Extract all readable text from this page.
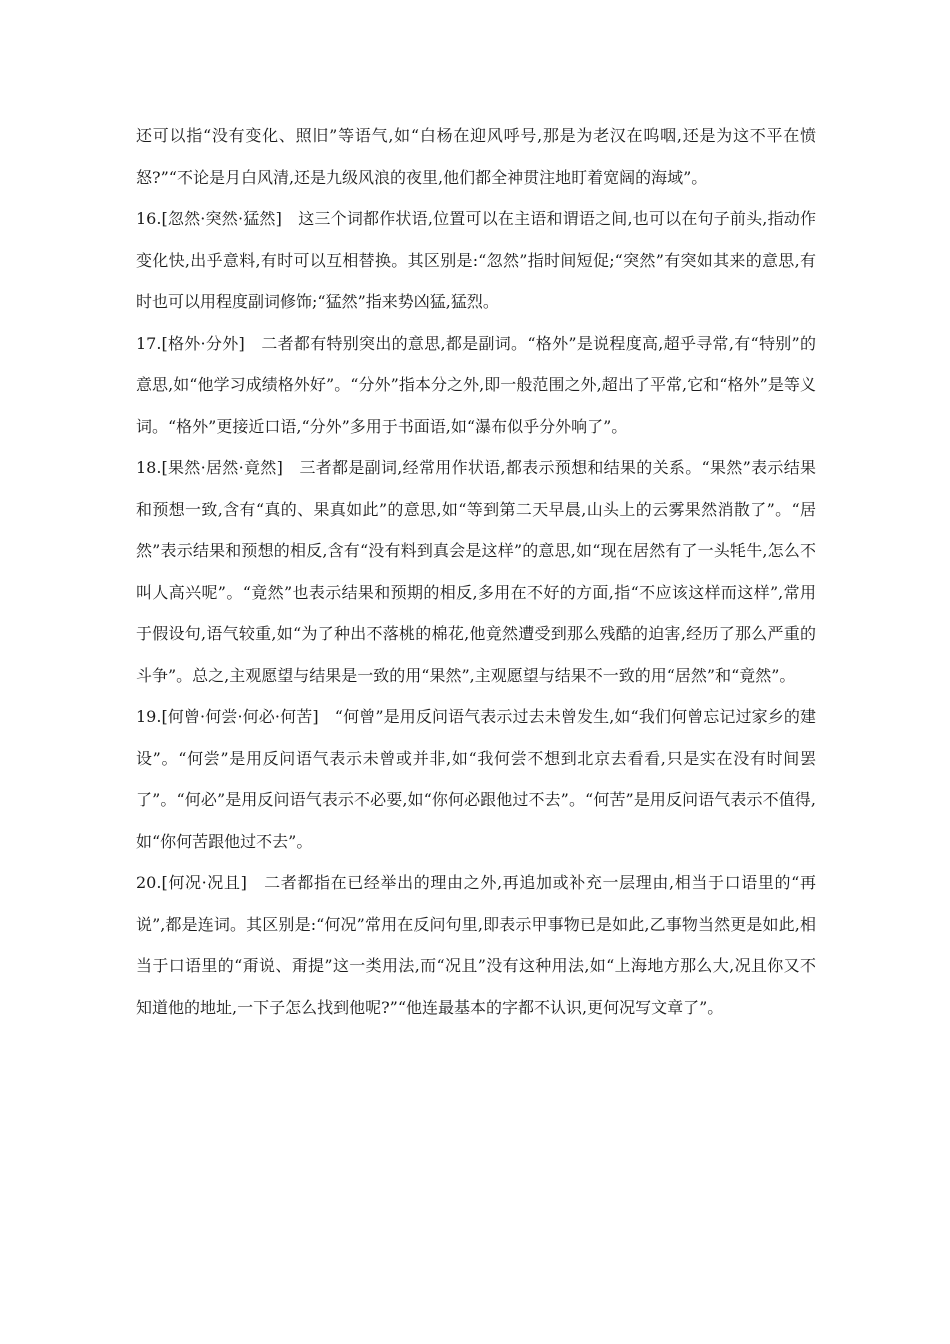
还可以指“没有变化、照旧”等语气,如“白杨在迎风呼号,那是为老汉在呜咽,还是为这不平在愤怒?”“不论是月白风清,还是九级风浪的夜里,他们都全神贯注地盯着宽阔的海域”。

16.[忽然·突然·猛然]　这三个词都作状语,位置可以在主语和谓语之间,也可以在句子前头,指动作变化快,出乎意料,有时可以互相替换。其区别是:“忽然”指时间短促;“突然”有突如其来的意思,有时也可以用程度副词修饰;“猛然”指来势凶猛,猛烈。

17.[格外·分外]　二者都有特别突出的意思,都是副词。“格外”是说程度高,超乎寻常,有“特别”的意思,如“他学习成绩格外好”。“分外”指本分之外,即一般范围之外,超出了平常,它和“格外”是等义词。“格外”更接近口语,“分外”多用于书面语,如“瀑布似乎分外响了”。

18.[果然·居然·竟然]　三者都是副词,经常用作状语,都表示预想和结果的关系。“果然”表示结果和预想一致,含有“真的、果真如此”的意思,如“等到第二天早晨,山头上的云雾果然消散了”。“居然”表示结果和预想的相反,含有“没有料到真会是这样”的意思,如“现在居然有了一头牦牛,怎么不叫人高兴呢”。“竟然”也表示结果和预期的相反,多用在不好的方面,指“不应该这样而这样”,常用于假设句,语气较重,如“为了种出不落桃的棉花,他竟然遭受到那么残酷的迫害,经历了那么严重的斗争”。总之,主观愿望与结果是一致的用“果然”,主观愿望与结果不一致的用“居然”和“竟然”。

19.[何曾·何尝·何必·何苦]　“何曾”是用反问语气表示过去未曾发生,如“我们何曾忘记过家乡的建设”。“何尝”是用反问语气表示未曾或并非,如“我何尝不想到北京去看看,只是实在没有时间罢了”。“何必”是用反问语气表示不必要,如“你何必跟他过不去”。“何苦”是用反问语气表示不值得,如“你何苦跟他过不去”。

20.[何况·况且]　二者都指在已经举出的理由之外,再追加或补充一层理由,相当于口语里的“再说”,都是连词。其区别是:“何况”常用在反问句里,即表示甲事物已是如此,乙事物当然更是如此,相当于口语里的“甭说、甭提”这一类用法,而“况且”没有这种用法,如“上海地方那么大,况且你又不知道他的地址,一下子怎么找到他呢?”“他连最基本的字都不认识,更何况写文章了”。
